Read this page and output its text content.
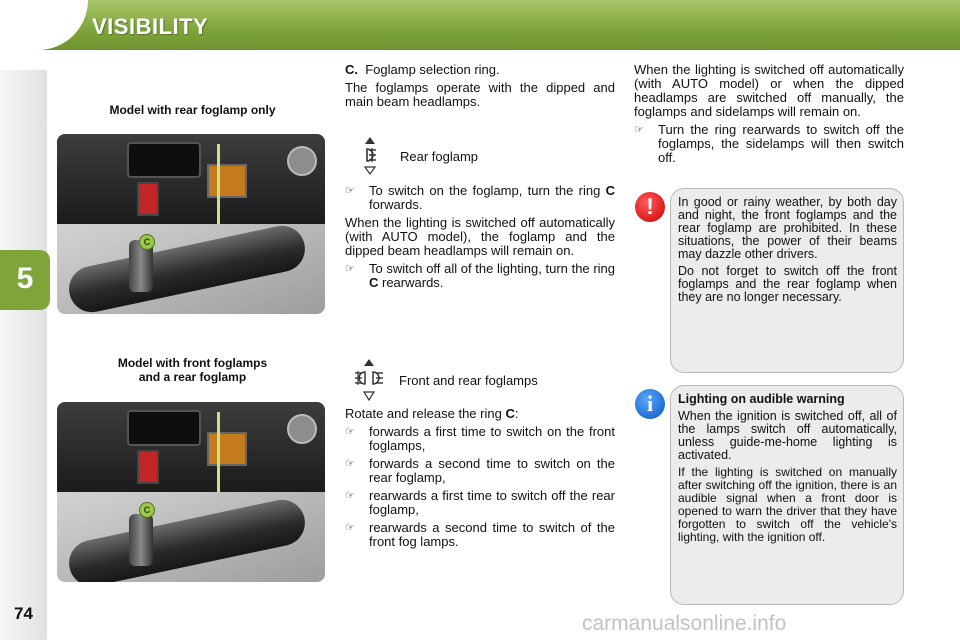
VISIBILITY
5
74
Model with rear foglamp only
C
Model with front foglamps
and a rear foglamp
C
C. Foglamp selection ring.
The foglamps operate with the dipped and main beam headlamps.
Rear foglamp
☞	To switch on the foglamp, turn the ring C forwards.
When the lighting is switched off automatically (with AUTO model), the foglamp and the dipped beam headlamps will remain on.
☞	To switch off all of the lighting, turn the ring C rearwards.
Front and rear foglamps
Rotate and release the ring C:
☞	forwards a first time to switch on the front foglamps,
☞	forwards a second time to switch on the rear foglamp,
☞	rearwards a first time to switch off the rear foglamp,
☞	rearwards a second time to switch of the front fog lamps.
When the lighting is switched off automatically (with AUTO model) or when the dipped headlamps are switched off manually, the foglamps and sidelamps will remain on.
☞	Turn the ring rearwards to switch off the foglamps, the sidelamps will then switch off.
!	In good or rainy weather, by both day and night, the front foglamps and the rear foglamp are prohibited. In these situations, the power of their beams may dazzle other drivers.
Do not forget to switch off the front foglamps and the rear foglamp when they are no longer necessary.
i	Lighting on audible warning
When the ignition is switched off, all of the lamps switch off automatically, unless guide-me-home lighting is activated.
If the lighting is switched on manually after switching off the ignition, there is an audible signal when a front door is opened to warn the driver that they have forgotten to switch off the vehicle's lighting, with the ignition off.
carmanualsonline.info
